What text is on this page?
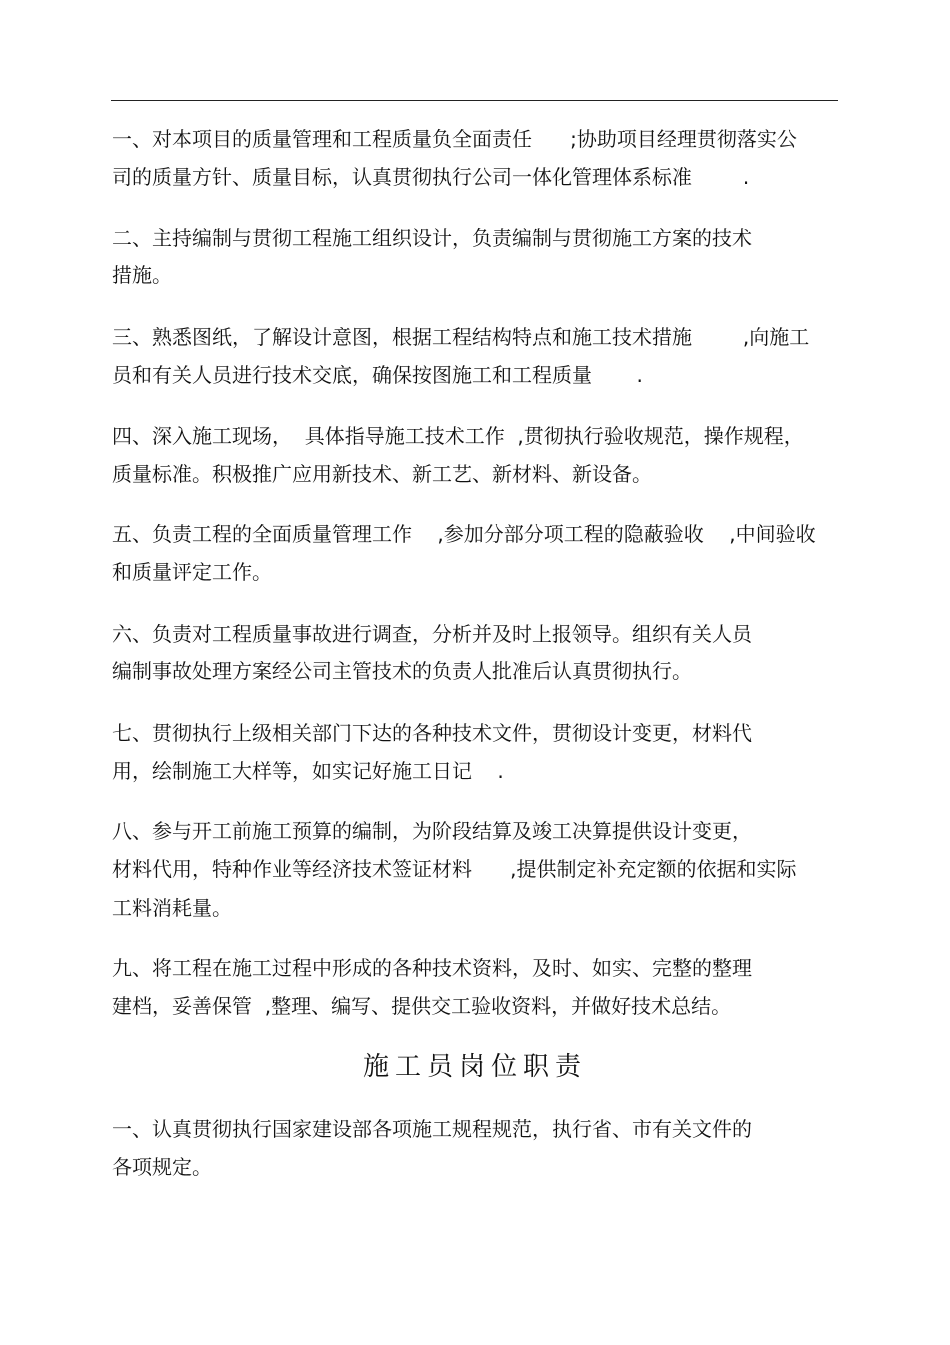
一、对本项目的质量管理和工程质量负全面责任      ;协助项目经理贯彻落实公
司的质量方针、质量目标，认真贯彻执行公司一体化管理体系标准        .
二、主持编制与贯彻工程施工组织设计，负责编制与贯彻施工方案的技术
措施。
三、熟悉图纸，了解设计意图，根据工程结构特点和施工技术措施        ,向施工
员和有关人员进行技术交底，确保按图施工和工程质量       .
四、深入施工现场，  具体指导施工技术工作  ,贯彻执行验收规范，操作规程，
质量标准。积极推广应用新技术、新工艺、新材料、新设备。
五、负责工程的全面质量管理工作    ,参加分部分项工程的隐蔽验收    ,中间验收
和质量评定工作。
六、负责对工程质量事故进行调查，分析并及时上报领导。组织有关人员
编制事故处理方案经公司主管技术的负责人批准后认真贯彻执行。
七、贯彻执行上级相关部门下达的各种技术文件，贯彻设计变更，材料代
用，绘制施工大样等，如实记好施工日记    .
八、参与开工前施工预算的编制，为阶段结算及竣工决算提供设计变更，
材料代用，特种作业等经济技术签证材料      ,提供制定补充定额的依据和实际
工料消耗量。
九、将工程在施工过程中形成的各种技术资料，及时、如实、完整的整理
建档，妥善保管  ,整理、编写、提供交工验收资料，并做好技术总结。
施工员岗位职责
一、认真贯彻执行国家建设部各项施工规程规范，执行省、市有关文件的
各项规定。
